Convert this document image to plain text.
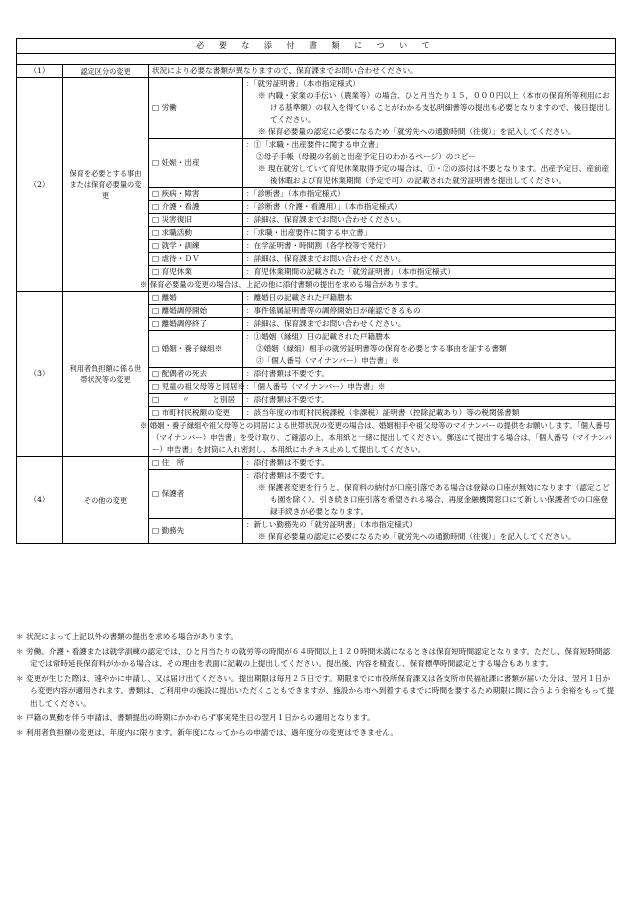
必 要 な 添 付 書 類 に つ い て			

（1）	認定区分の変更	状況により必要な書類が異なりますので、保育課までお問い合わせください。	
（2）	保育を必要とする事由または保育必要量の変更	□ 労働	：「就労証明書」（本市指定様式）
※ 内職・家業の手伝い（農業等）の場合、ひと月当たり１５，０００円以上（本市の保育所等利用における基準額）の収入を得ていることがわかる支払明細書等の提出も必要となりますので、後日提出してください。
※ 保育必要量の認定に必要になるため「就労先への通勤時間（往復）」を記入してください。

		□ 妊娠・出産	：①「求職・出産要件に関する申立書」
②母子手帳（母親の名前と出産予定日のわかるページ）のコピー
※ 現在就労していて育児休業取得予定の場合は、①・②の添付は不要となります。出産予定日、産前産後休暇および育児休業期間（予定で可）の記載された就労証明書を提出してください。

		□ 疾病・障害	：「診断書」（本市指定様式）

		□ 介護・看護	：「診断書（介護・看護用）」（本市指定様式）

		□ 災害復旧	：詳細は、保育課までお問い合わせください。

		□ 求職活動	：「求職・出産要件に関する申立書」

		□ 就学・訓練	：在学証明書・時間割（各学校等で発行）

		□ 虐待・ＤＶ	：詳細は、保育課までお問い合わせください。

		□ 育児休業	：育児休業期間の記載された「就労証明書」（本市指定様式）

		※ 保育必要量の変更の場合は、上記の他に添付書類の提出を求める場合があります。	
（3）	利用者負担額に係る世帯状況等の変更	□ 離婚	：離婚日の記載された戸籍謄本

		□ 離婚調停開始	：事件係属証明書等の調停開始日が確認できるもの

		□ 離婚調停終了	：詳細は、保育課までお問い合わせください。

		□ 婚姻・養子縁組※	：①婚姻（縁組）日の記載された戸籍謄本
②婚姻（縁組）相手の就労証明書等の保育を必要とする事由を証する書類
③「個人番号（マイナンバー）申告書」※

		□ 配偶者の死去	：添付書類は不要です。

		□ 児童の祖父母等と同居※	：「個人番号（マイナンバー）申告書」※

		□　　　〃　　　と別居	：添付書類は不要です。

		□ 市町村民税額の変更	：該当年度の市町村民税課税（非課税）証明書（控除記載あり）等の税関係書類

		※ 婚姻・養子縁組や祖父母等との同居による世帯状況の変更の場合は、婚姻相手や祖父母等のマイナンバーの提供をお願いします。「個人番号（マイナンバー）申告書」を受け取り、ご確認の上、本用紙と一緒に提出してください。郵送にて提出する場合は、「個人番号（マイナンバー）申告書」を封筒に入れ密封し、本用紙にホチキス止めして提出してください。	
（4）	その他の変更	□ 住　所	：添付書類は不要です。

		□ 保護者	：添付書類は不要です。
※ 保護者変更を行うと、保育料の納付が口座引落である場合は登録の口座が無効になります（認定こども園を除く）。引き続き口座引落を希望される場合、再度金融機関窓口にて新しい保護者での口座登録手続きが必要となります。

		□ 勤務先	：新しい勤務先の「就労証明書」（本市指定様式）
※ 保育必要量の認定に必要になるため「就労先への通勤時間（往復）」を記入してください。

＊ 状況によって上記以外の書類の提出を求める場合があります。

＊ 労働、介護・看護または就学訓練の認定では、ひと月当たりの就労等の時間が６４時間以上１２０時間未満になるときは保育短時間認定となります。ただし、保育短時間認定では常時延長保育料がかかる場合は、その理由を表面に記載の上提出してください。提出後、内容を精査し、保育標準時間認定とする場合もあります。

＊ 変更が生じた際は、速やかに申請し、又は届け出てください。提出期限は毎月２５日です。期限までに市役所保育課又は各支所市民福祉課に書類が届いた分は、翌月１日から変更内容が適用されます。書類は、ご利用中の施設に提出いただくこともできますが、施設から市へ到着するまでに時間を要するため期限に間に合うよう余裕をもって提出してください。

＊ 戸籍の異動を伴う申請は、書類提出の時期にかかわらず事実発生日の翌月１日からの適用となります。

＊ 利用者負担額の変更は、年度内に限ります。新年度になってからの申請では、過年度分の変更はできません。
